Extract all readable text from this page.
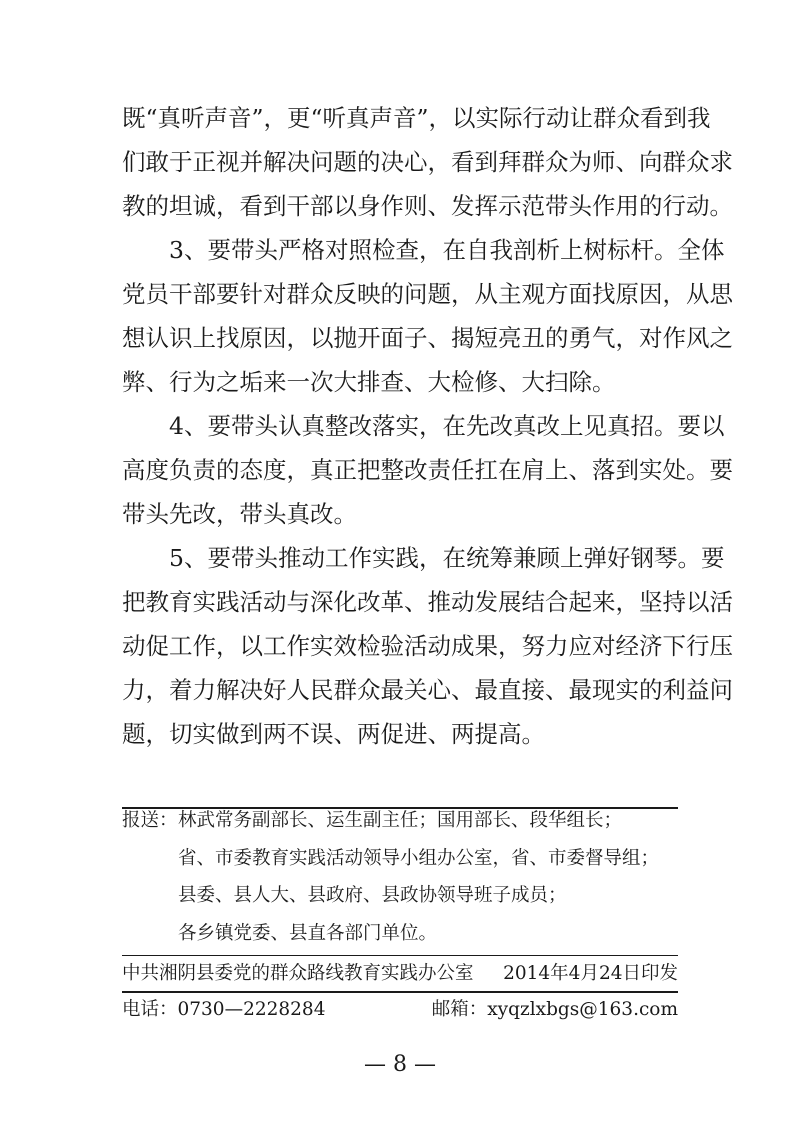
既“真听声音”，更“听真声音”，以实际行动让群众看到我
们敢于正视并解决问题的决心，看到拜群众为师、向群众求
教的坦诚，看到干部以身作则、发挥示范带头作用的行动。
3、要带头严格对照检查，在自我剖析上树标杆。全体
党员干部要针对群众反映的问题，从主观方面找原因，从思
想认识上找原因，以抛开面子、揭短亮丑的勇气，对作风之
弊、行为之垢来一次大排查、大检修、大扫除。
4、要带头认真整改落实，在先改真改上见真招。要以
高度负责的态度，真正把整改责任扛在肩上、落到实处。要
带头先改，带头真改。
5、要带头推动工作实践，在统筹兼顾上弹好钢琴。要
把教育实践活动与深化改革、推动发展结合起来，坚持以活
动促工作，以工作实效检验活动成果，努力应对经济下行压
力，着力解决好人民群众最关心、最直接、最现实的利益问
题，切实做到两不误、两促进、两提高。
报送： 林武常务副部长、运生副主任；国用部长、段华组长；
省、市委教育实践活动领导小组办公室，省、市委督导组；
县委、县人大、县政府、县政协领导班子成员；
各乡镇党委、县直各部门单位。
中共湘阴县委党的群众路线教育实践办公室 2014年4月24日印发
电话：0730—2228284	邮箱：xyqzlxbgs@163.com
— 8 —
